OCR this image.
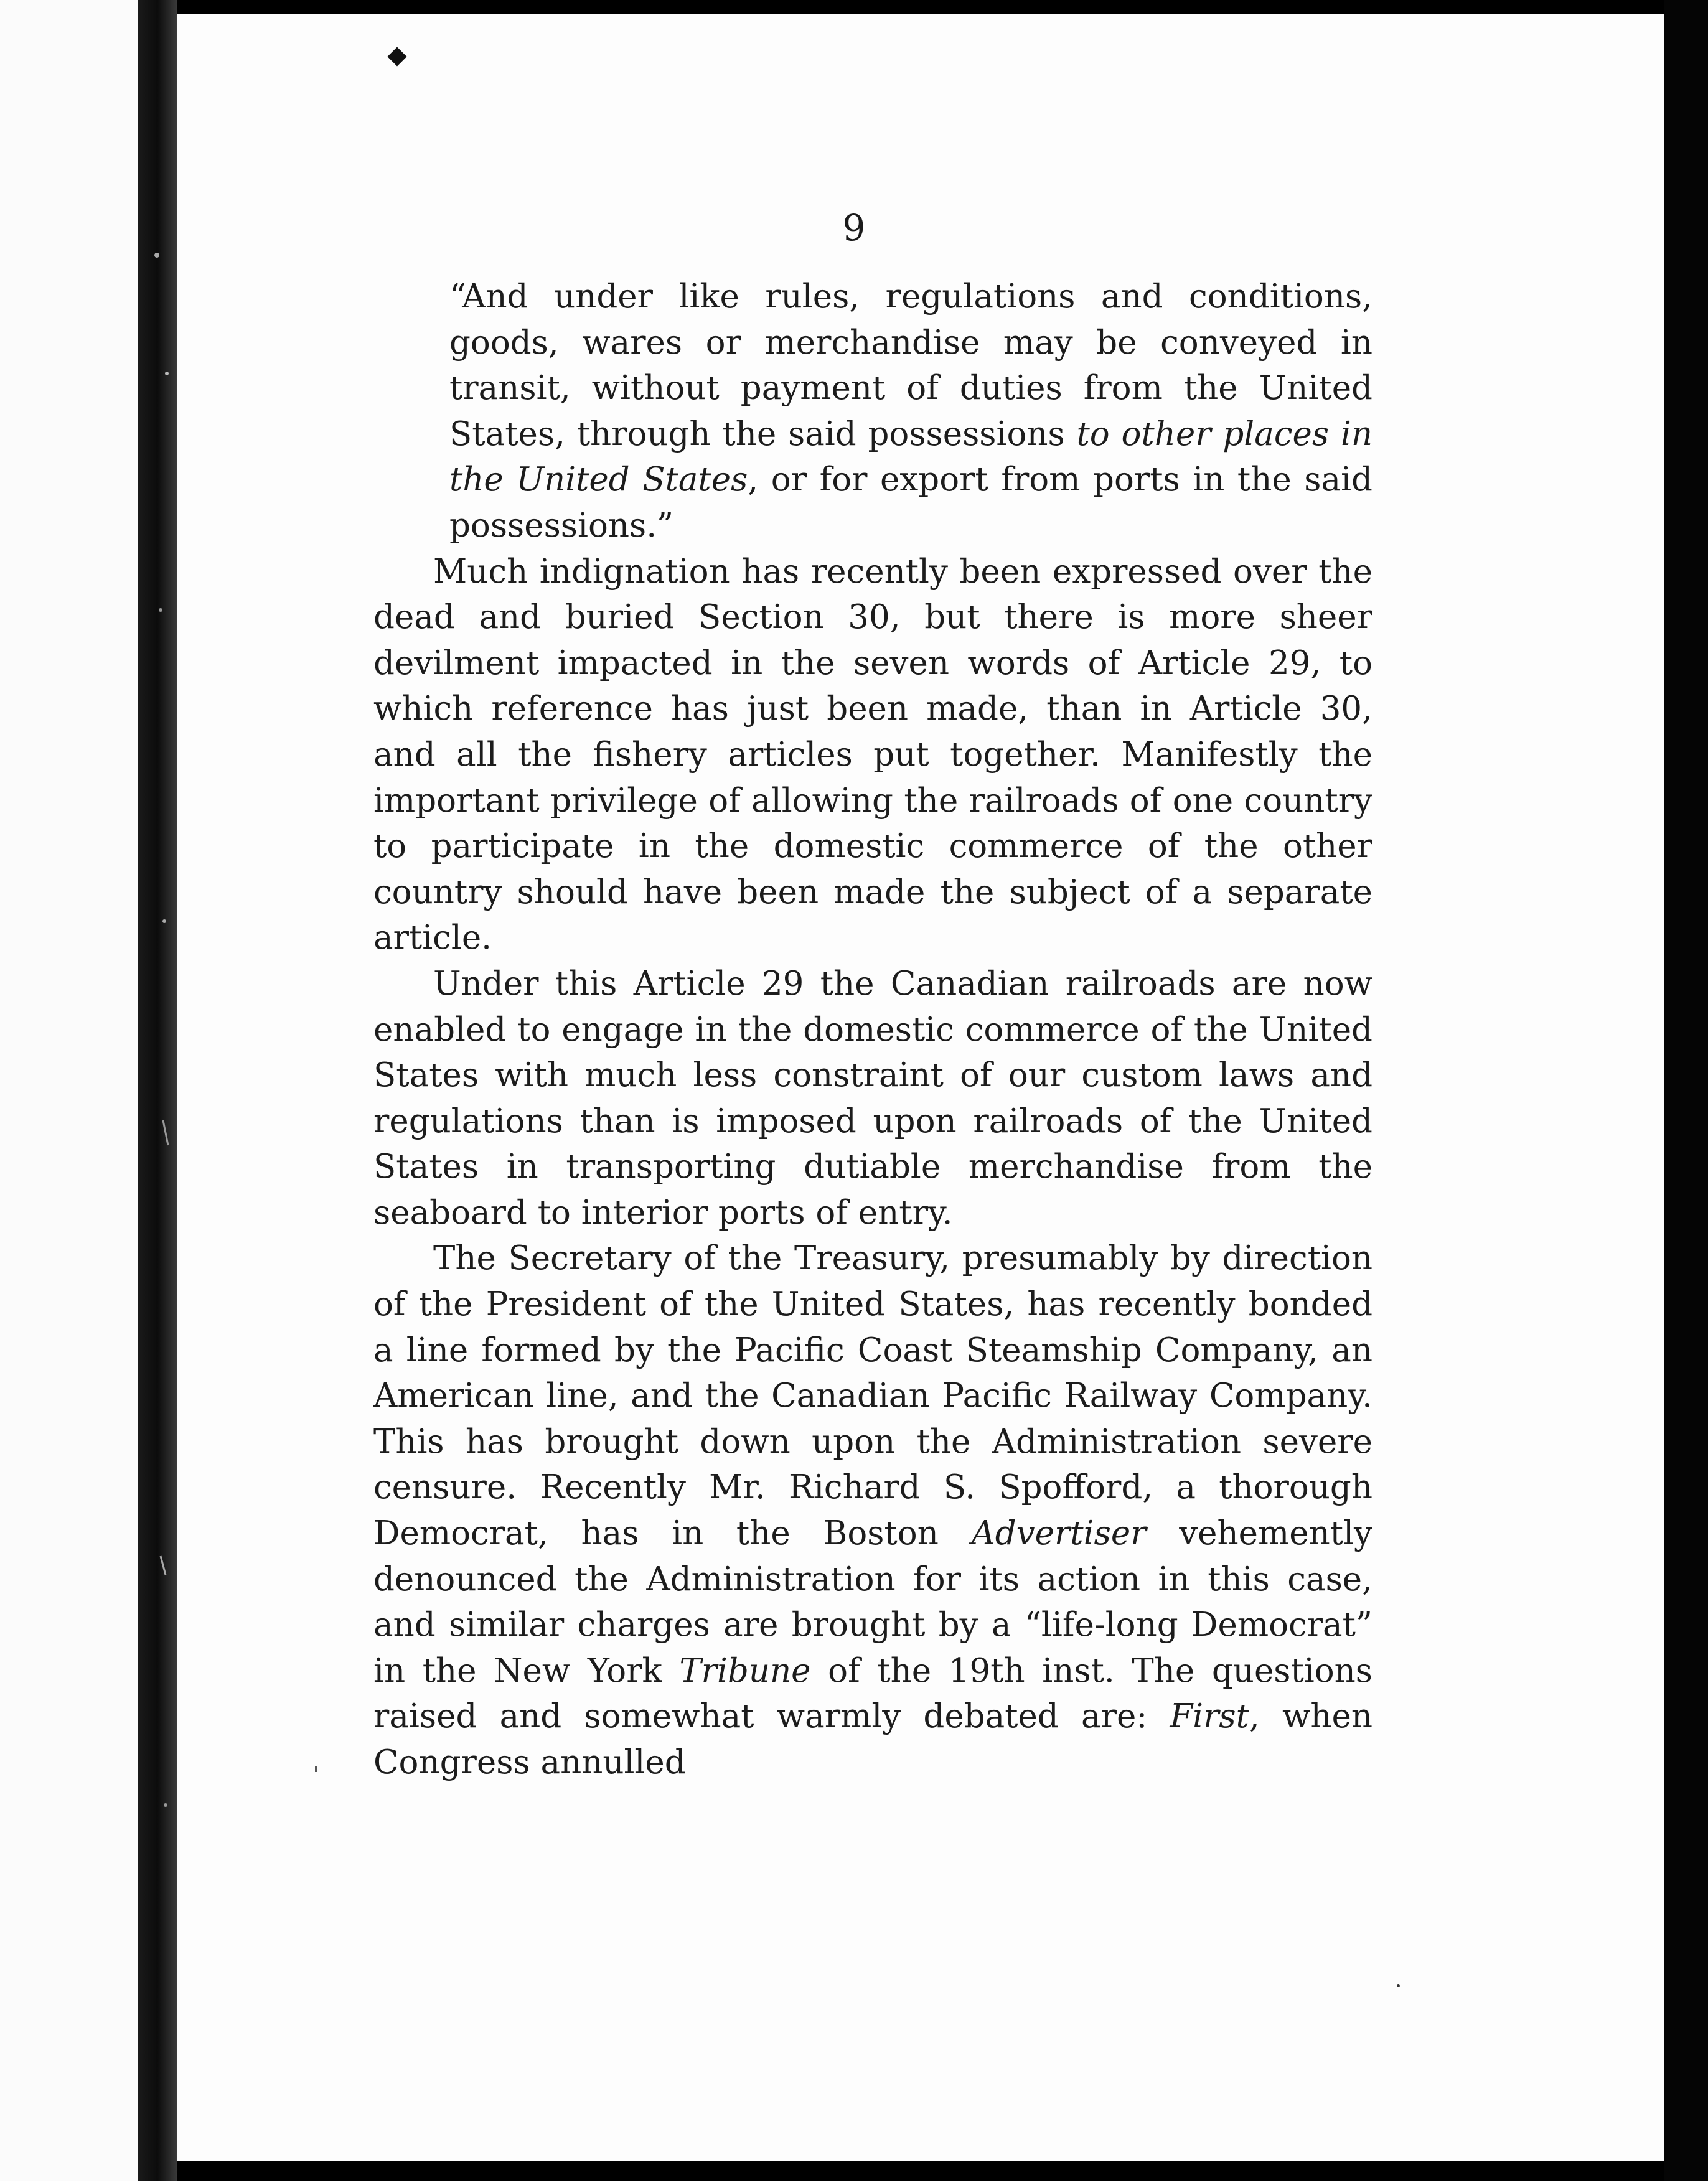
9

“And under like rules, regulations and conditions, goods, wares or merchandise may be conveyed in transit, without payment of duties from the United States, through the said possessions to other places in the United States, or for export from ports in the said possessions.”

Much indignation has recently been expressed over the dead and buried Section 30, but there is more sheer devilment impacted in the seven words of Article 29, to which reference has just been made, than in Article 30, and all the fishery articles put together. Manifestly the important privilege of allowing the railroads of one country to participate in the domestic commerce of the other country should have been made the subject of a separate article.

Under this Article 29 the Canadian railroads are now enabled to engage in the domestic commerce of the United States with much less constraint of our custom laws and regulations than is imposed upon railroads of the United States in transporting dutiable merchandise from the seaboard to interior ports of entry.

The Secretary of the Treasury, presumably by direction of the President of the United States, has recently bonded a line formed by the Pacific Coast Steamship Company, an American line, and the Canadian Pacific Railway Company. This has brought down upon the Administration severe censure. Recently Mr. Richard S. Spofford, a thorough Democrat, has in the Boston Advertiser vehemently denounced the Administration for its action in this case, and similar charges are brought by a “life-long Democrat” in the New York Tribune of the 19th inst. The questions raised and somewhat warmly debated are: First, when Congress annulled
